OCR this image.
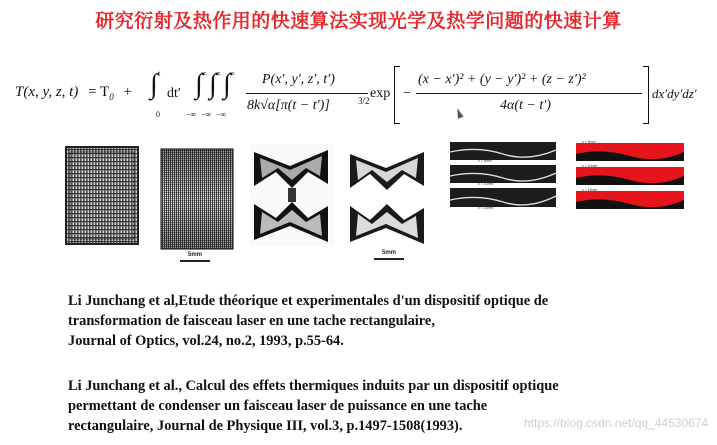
研究衍射及热作用的快速算法实现光学及热学问题的快速计算
T(x, y, z, $t) = T_0$ + ∫ t
0
dt′ ∫ ∫ ∫
∞ ∞ ∞
−∞ −∞ −∞
P(x′, y′, z′, t′)
8k√α[π(t − t′)]	3/2 exp −
(x − x′)² + (y − y′)² + (z − z′)²
4α(t − t′)
dx′dy′dz′
5mm	5mm
z = 5mm
z = 10mm
z = 15mm
z = 5mm
z = 10mm
z = 15mm
Li Junchang et al,Etude théorique et experimentales d'un dispositif optique de
transformation de faisceau laser en une tache rectangulaire,
Journal of Optics, vol.24, no.2, 1993, p.55-64.
Li Junchang et al., Calcul des effets thermiques induits par un dispositif optique
permettant de condenser un faisceau laser de puissance en une tache
rectangulaire, Journal de Physique III, vol.3, p.1497-1508(1993).	https://blog.csdn.net/qq_44530674
